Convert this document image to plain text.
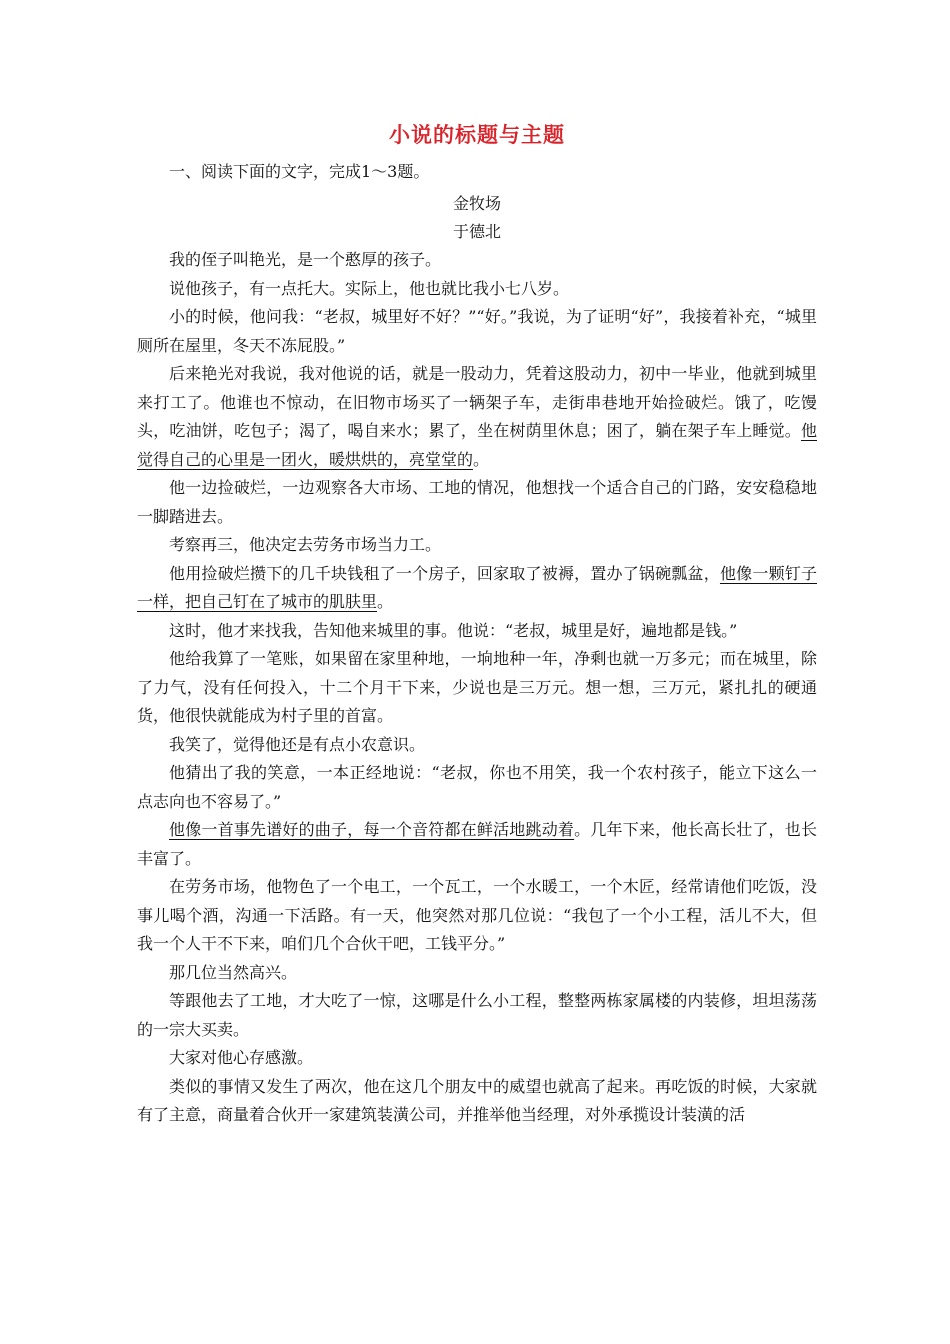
小说的标题与主题

一、阅读下面的文字，完成1～3题。

金牧场

于德北

我的侄子叫艳光，是一个憨厚的孩子。

说他孩子，有一点托大。实际上，他也就比我小七八岁。

小的时候，他问我：“老叔，城里好不好？”“好。”我说，为了证明“好”，我接着补充，“城里厕所在屋里，冬天不冻屁股。”

后来艳光对我说，我对他说的话，就是一股动力，凭着这股动力，初中一毕业，他就到城里来打工了。他谁也不惊动，在旧物市场买了一辆架子车，走街串巷地开始捡破烂。饿了，吃馒头，吃油饼，吃包子；渴了，喝自来水；累了，坐在树荫里休息；困了，躺在架子车上睡觉。他觉得自己的心里是一团火，暖烘烘的，亮堂堂的。

他一边捡破烂，一边观察各大市场、工地的情况，他想找一个适合自己的门路，安安稳稳地一脚踏进去。

考察再三，他决定去劳务市场当力工。

他用捡破烂攒下的几千块钱租了一个房子，回家取了被褥，置办了锅碗瓢盆，他像一颗钉子一样，把自己钉在了城市的肌肤里。

这时，他才来找我，告知他来城里的事。他说：“老叔，城里是好，遍地都是钱。”

他给我算了一笔账，如果留在家里种地，一垧地种一年，净剩也就一万多元；而在城里，除了力气，没有任何投入，十二个月干下来，少说也是三万元。想一想，三万元，紧扎扎的硬通货，他很快就能成为村子里的首富。

我笑了，觉得他还是有点小农意识。

他猜出了我的笑意，一本正经地说：“老叔，你也不用笑，我一个农村孩子，能立下这么一点志向也不容易了。”

他像一首事先谱好的曲子，每一个音符都在鲜活地跳动着。几年下来，他长高长壮了，也长丰富了。

在劳务市场，他物色了一个电工，一个瓦工，一个水暖工，一个木匠，经常请他们吃饭，没事儿喝个酒，沟通一下活路。有一天，他突然对那几位说：“我包了一个小工程，活儿不大，但我一个人干不下来，咱们几个合伙干吧，工钱平分。”

那几位当然高兴。

等跟他去了工地，才大吃了一惊，这哪是什么小工程，整整两栋家属楼的内装修，坦坦荡荡的一宗大买卖。

大家对他心存感激。

类似的事情又发生了两次，他在这几个朋友中的威望也就高了起来。再吃饭的时候，大家就有了主意，商量着合伙开一家建筑装潢公司，并推举他当经理，对外承揽设计装潢的活
